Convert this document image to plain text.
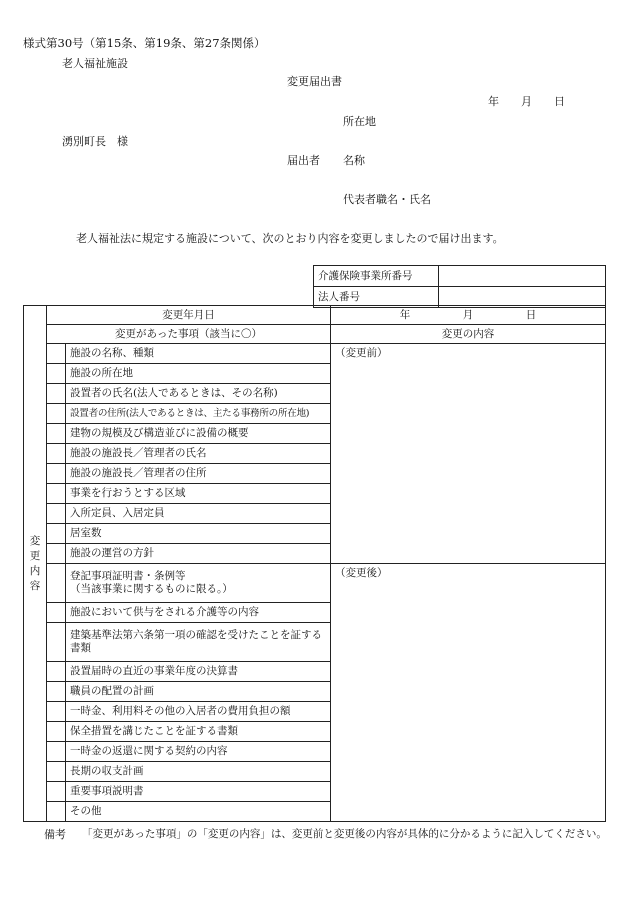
様式第30号（第15条、第19条、第27条関係）
老人福祉施設
変更届出書
年　　月　　日
所在地
湧別町長　様
届出者 名称
代表者職名・氏名
老人福祉法に規定する施設について、次のとおり内容を変更しましたので届け出ます。
介護保険事業所番号	
法人番号	
変
更
内
容	変更年月日		年　　　　　月　　　　　日
	変更があった事項（該当に〇）		変更の内容
		施設の名称、種類	（変更前）
		施設の所在地	
		設置者の氏名(法人であるときは、その名称)	
		設置者の住所(法人であるときは、主たる事務所の所在地)	
		建物の規模及び構造並びに設備の概要	
		施設の施設長／管理者の氏名	
		施設の施設長／管理者の住所	
		事業を行おうとする区域	
		入所定員、入居定員	
		居室数	
		施設の運営の方針	
		登記事項証明書・条例等
（当該事業に関するものに限る。）	（変更後）
		施設において供与をされる介護等の内容	
		建築基準法第六条第一項の確認を受けたことを証する書類	
		設置届時の直近の事業年度の決算書	
		職員の配置の計画	
		一時金、利用料その他の入居者の費用負担の額	
		保全措置を講じたことを証する書類	
		一時金の返還に関する契約の内容	
		長期の収支計画	
		重要事項説明書	
		その他	
備考 「変更があった事項」の「変更の内容」は、変更前と変更後の内容が具体的に分かるように記入してください。
